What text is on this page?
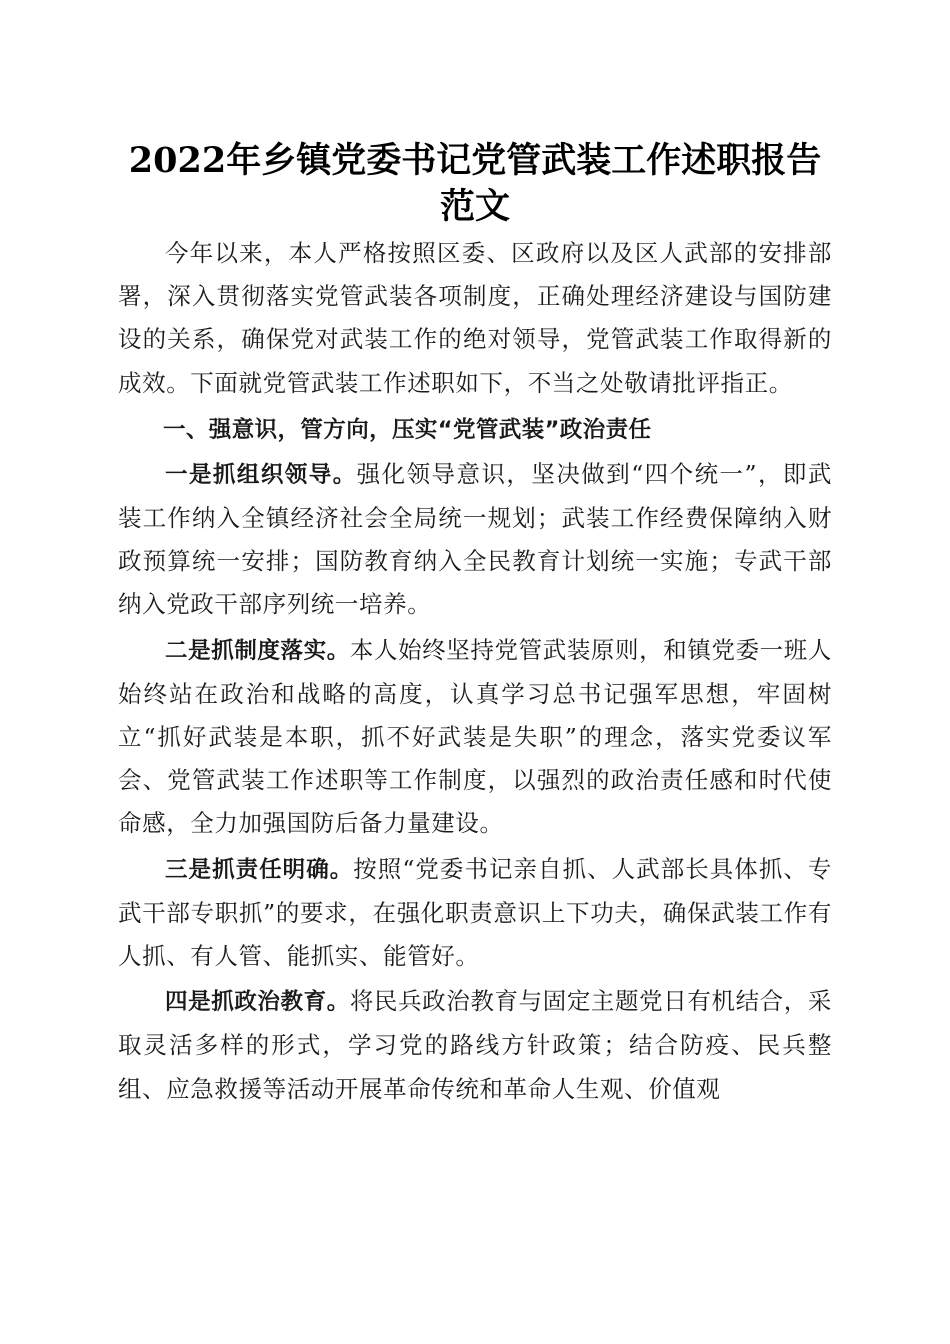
2022年乡镇党委书记党管武装工作述职报告
范文

今年以来，本人严格按照区委、区政府以及区人武部的安排部署，深入贯彻落实党管武装各项制度，正确处理经济建设与国防建设的关系，确保党对武装工作的绝对领导，党管武装工作取得新的成效。下面就党管武装工作述职如下，不当之处敬请批评指正。

一、强意识，管方向，压实“党管武装”政治责任

一是抓组织领导。强化领导意识，坚决做到“四个统一”，即武装工作纳入全镇经济社会全局统一规划；武装工作经费保障纳入财政预算统一安排；国防教育纳入全民教育计划统一实施；专武干部纳入党政干部序列统一培养。

二是抓制度落实。本人始终坚持党管武装原则，和镇党委一班人始终站在政治和战略的高度，认真学习总书记强军思想，牢固树立“抓好武装是本职，抓不好武装是失职”的理念，落实党委议军会、党管武装工作述职等工作制度，以强烈的政治责任感和时代使命感，全力加强国防后备力量建设。

三是抓责任明确。按照“党委书记亲自抓、人武部长具体抓、专武干部专职抓”的要求，在强化职责意识上下功夫，确保武装工作有人抓、有人管、能抓实、能管好。

四是抓政治教育。将民兵政治教育与固定主题党日有机结合，采取灵活多样的形式，学习党的路线方针政策；结合防疫、民兵整组、应急救援等活动开展革命传统和革命人生观、价值观
